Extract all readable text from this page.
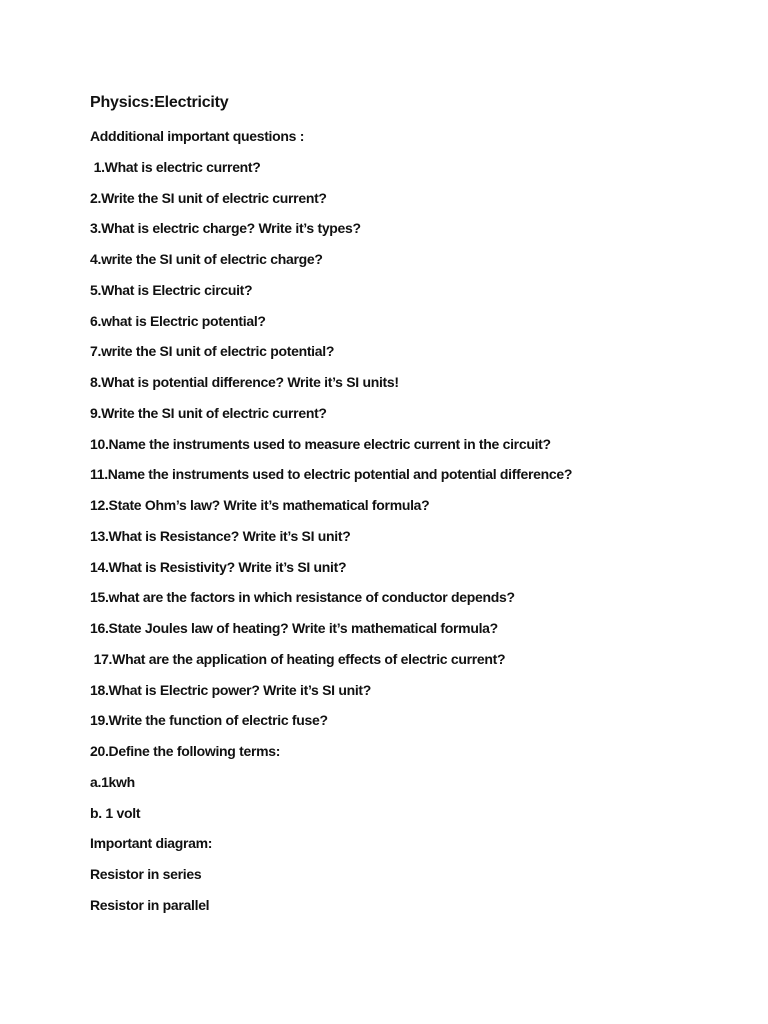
Physics:Electricity
Addditional important questions :
1.What is electric current?
2.Write the SI unit of electric current?
3.What is electric charge? Write it’s types?
4.write the SI unit of electric charge?
5.What is Electric circuit?
6.what is Electric potential?
7.write the SI unit of electric potential?
8.What is potential difference? Write it’s SI units!
9.Write the SI unit of electric current?
10.Name the instruments used to measure electric current in the circuit?
11.Name the instruments used to electric potential and potential difference?
12.State Ohm’s law? Write it’s mathematical formula?
13.What is Resistance? Write it’s SI unit?
14.What is Resistivity? Write it’s SI unit?
15.what are the factors in which resistance of conductor depends?
16.State Joules law of heating? Write it’s mathematical formula?
17.What are the application of heating effects of electric current?
18.What is Electric power? Write it’s SI unit?
19.Write the function of electric fuse?
20.Define the following terms:
a.1kwh
b. 1 volt
Important diagram:
Resistor in series
Resistor in parallel
